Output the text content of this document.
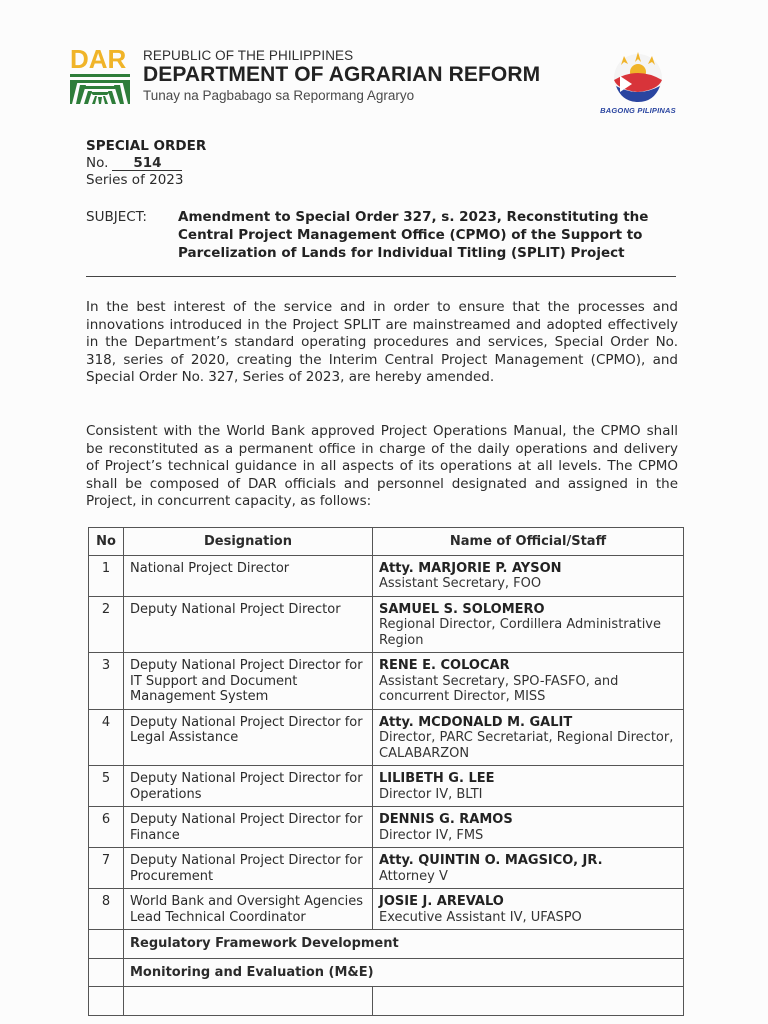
DAR REPUBLIC OF THE PHILIPPINES
DEPARTMENT OF AGRARIAN REFORM
Tunay na Pagbabago sa Repormang Agraryo
BAGONG PILIPINAS
SPECIAL ORDER
No. 514
Series of 2023
SUBJECT: Amendment to Special Order 327, s. 2023, Reconstituting the Central Project Management Office (CPMO) of the Support to Parcelization of Lands for Individual Titling (SPLIT) Project
In the best interest of the service and in order to ensure that the processes and innovations introduced in the Project SPLIT are mainstreamed and adopted effectively in the Department’s standard operating procedures and services, Special Order No. 318, series of 2020, creating the Interim Central Project Management (CPMO), and Special Order No. 327, Series of 2023, are hereby amended.
Consistent with the World Bank approved Project Operations Manual, the CPMO shall be reconstituted as a permanent office in charge of the daily operations and delivery of Project’s technical guidance in all aspects of its operations at all levels. The CPMO shall be composed of DAR officials and personnel designated and assigned in the Project, in concurrent capacity, as follows:
No	Designation	Name of Official/Staff
1	National Project Director	Atty. MARJORIE P. AYSON
Assistant Secretary, FOO

2	Deputy National Project Director	SAMUEL S. SOLOMERO
Regional Director, Cordillera Administrative Region

3	Deputy National Project Director for IT Support and Document Management System	RENE E. COLOCAR
Assistant Secretary, SPO-FASFO, and concurrent Director, MISS

4	Deputy National Project Director for Legal Assistance	Atty. MCDONALD M. GALIT
Director, PARC Secretariat, Regional Director, CALABARZON

5	Deputy National Project Director for Operations	LILIBETH G. LEE
Director IV, BLTI

6	Deputy National Project Director for Finance	DENNIS G. RAMOS
Director IV, FMS

7	Deputy National Project Director for Procurement	Atty. QUINTIN O. MAGSICO, JR.
Attorney V

8	World Bank and Oversight Agencies Lead Technical Coordinator	JOSIE J. AREVALO
Executive Assistant IV, UFASPO

	Regulatory Framework Development	
	Monitoring and Evaluation (M&E)	
